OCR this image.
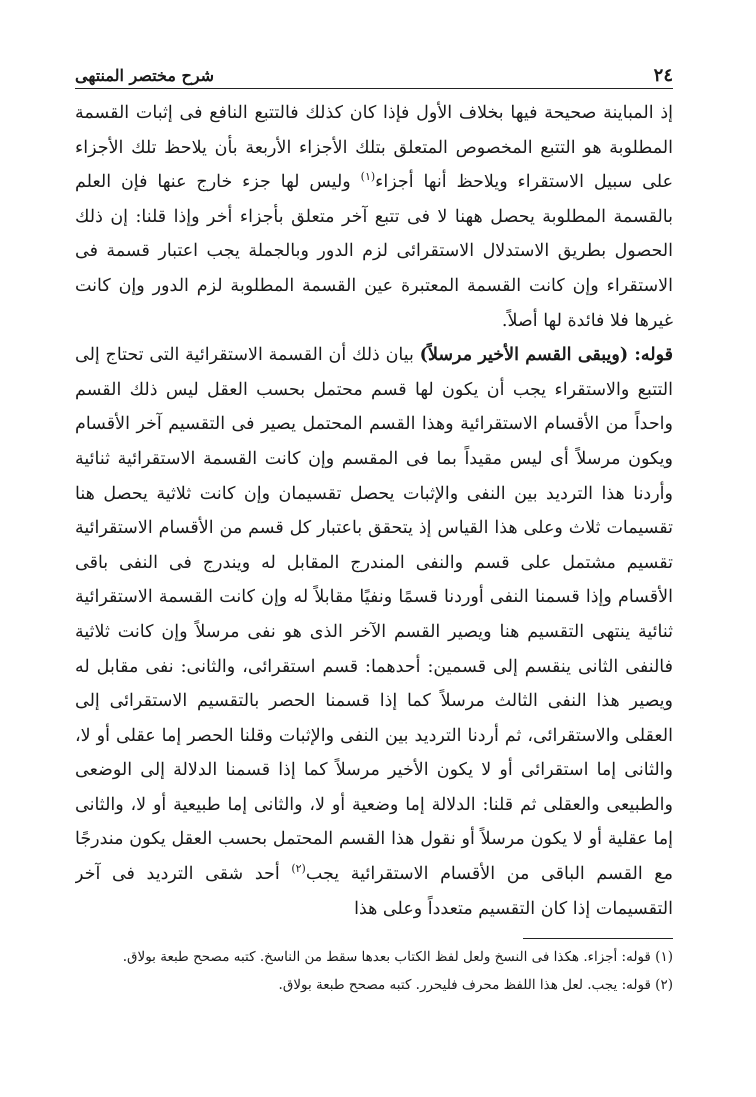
٢٤
شرح مختصر المنتهى

إذ المباينة صحيحة فيها بخلاف الأول فإذا كان كذلك فالتتبع النافع فى إثبات القسمة المطلوبة هو التتبع المخصوص المتعلق بتلك الأجزاء الأربعة بأن يلاحظ تلك الأجزاء على سبيل الاستقراء ويلاحظ أنها أجزاء$^{(١)}$ وليس لها جزء خارج عنها فإن العلم بالقسمة المطلوبة يحصل ههنا لا فى تتبع آخر متعلق بأجزاء أخر وإذا قلنا: إن ذلك الحصول بطريق الاستدلال الاستقرائى لزم الدور وبالجملة يجب اعتبار قسمة فى الاستقراء وإن كانت القسمة المعتبرة عين القسمة المطلوبة لزم الدور وإن كانت غيرها فلا فائدة لها أصلاً.

قوله: (ويبقى القسم الأخير مرسلاً) بيان ذلك أن القسمة الاستقرائية التى تحتاج إلى التتبع والاستقراء يجب أن يكون لها قسم محتمل بحسب العقل ليس ذلك القسم واحداً من الأقسام الاستقرائية وهذا القسم المحتمل يصير فى التقسيم آخر الأقسام ويكون مرسلاً أى ليس مقيداً بما فى المقسم وإن كانت القسمة الاستقرائية ثنائية وأردنا هذا الترديد بين النفى والإثبات يحصل تقسيمان وإن كانت ثلاثية يحصل هنا تقسيمات ثلاث وعلى هذا القياس إذ يتحقق باعتبار كل قسم من الأقسام الاستقرائية تقسيم مشتمل على قسم والنفى المندرج المقابل له ويندرج فى النفى باقى الأقسام وإذا قسمنا النفى أوردنا قسمًا ونفيًا مقابلاً له وإن كانت القسمة الاستقرائية ثنائية ينتهى التقسيم هنا ويصير القسم الآخر الذى هو نفى مرسلاً وإن كانت ثلاثية فالنفى الثانى ينقسم إلى قسمين: أحدهما: قسم استقرائى، والثانى: نفى مقابل له ويصير هذا النفى الثالث مرسلاً كما إذا قسمنا الحصر بالتقسيم الاستقرائى إلى العقلى والاستقرائى، ثم أردنا الترديد بين النفى والإثبات وقلنا الحصر إما عقلى أو لا، والثانى إما استقرائى أو لا يكون الأخير مرسلاً كما إذا قسمنا الدلالة إلى الوضعى والطبيعى والعقلى ثم قلنا: الدلالة إما وضعية أو لا، والثانى إما طبيعية أو لا، والثانى إما عقلية أو لا يكون مرسلاً أو نقول هذا القسم المحتمل بحسب العقل يكون مندرجًا مع القسم الباقى من الأقسام الاستقرائية يجب$^{(٢)}$ أحد شقى الترديد فى آخر التقسيمات إذا كان التقسيم متعدداً وعلى هذا

(١) قوله: أجزاء. هكذا فى النسخ ولعل لفظ الكتاب بعدها سقط من الناسخ. كتبه مصحح طبعة بولاق.

(٢) قوله: يجب. لعل هذا اللفظ محرف فليحرر. كتبه مصحح طبعة بولاق.
